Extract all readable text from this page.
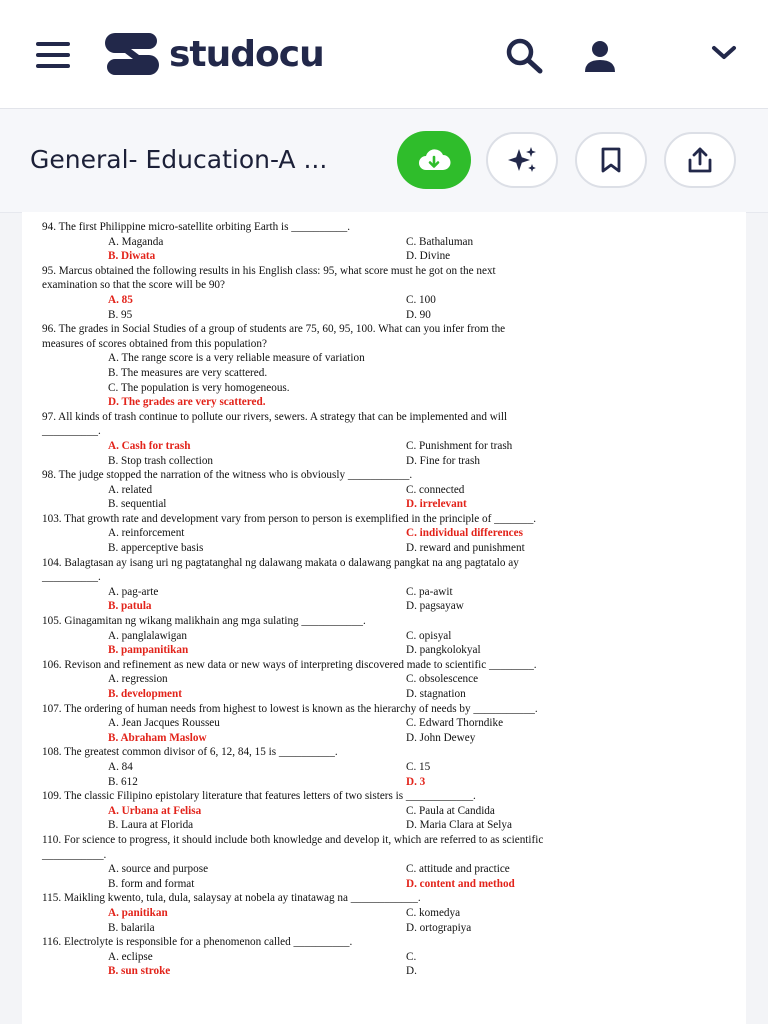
studocu
General- Education-A ...
94. The first Philippine micro-satellite orbiting Earth is __________.
A. Maganda	C. Bathaluman
B. Diwata	D. Divine
95. Marcus obtained the following results in his English class: 95, what score must he got on the next
examination so that the score will be 90?
A. 85	C. 100
B. 95	D. 90
96. The grades in Social Studies of a group of students are 75, 60, 95, 100. What can you infer from the
measures of scores obtained from this population?
A. The range score is a very reliable measure of variation
B. The measures are very scattered.
C. The population is very homogeneous.
D. The grades are very scattered.
97. All kinds of trash continue to pollute our rivers, sewers. A strategy that can be implemented and will
__________.
A. Cash for trash	C. Punishment for trash
B. Stop trash collection	D. Fine for trash
98. The judge stopped the narration of the witness who is obviously ___________.
A. related	C. connected
B. sequential	D. irrelevant
103. That growth rate and development vary from person to person is exemplified in the principle of _______.
A. reinforcement	C. individual differences
B. apperceptive basis	D. reward and punishment
104. Balagtasan ay isang uri ng pagtatanghal ng dalawang makata o dalawang pangkat na ang pagtatalo ay
__________.
A. pag-arte	C. pa-awit
B. patula	D. pagsayaw
105. Ginagamitan ng wikang malikhain ang mga sulating ___________.
A. panglalawigan	C. opisyal
B. pampanitikan	D. pangkolokyal
106. Revison and refinement as new data or new ways of interpreting discovered made to scientific ________.
A. regression	C. obsolescence
B. development	D. stagnation
107. The ordering of human needs from highest to lowest is known as the hierarchy of needs by ___________.
A. Jean Jacques Rousseu	C. Edward Thorndike
B. Abraham Maslow	D. John Dewey
108. The greatest common divisor of 6, 12, 84, 15 is __________.
A. 84	C. 15
B. 612	D. 3
109. The classic Filipino epistolary literature that features letters of two sisters is ____________.
A. Urbana at Felisa	C. Paula at Candida
B. Laura at Florida	D. Maria Clara at Selya
110. For science to progress, it should include both knowledge and develop it, which are referred to as scientific
___________.
A. source and purpose	C. attitude and practice
B. form and format	D. content and method
115. Maikling kwento, tula, dula, salaysay at nobela ay tinatawag na ____________.
A. panitikan	C. komedya
B. balarila	D. ortograpiya
116. Electrolyte is responsible for a phenomenon called __________.
A. eclipse	C.
B. sun stroke	D.
